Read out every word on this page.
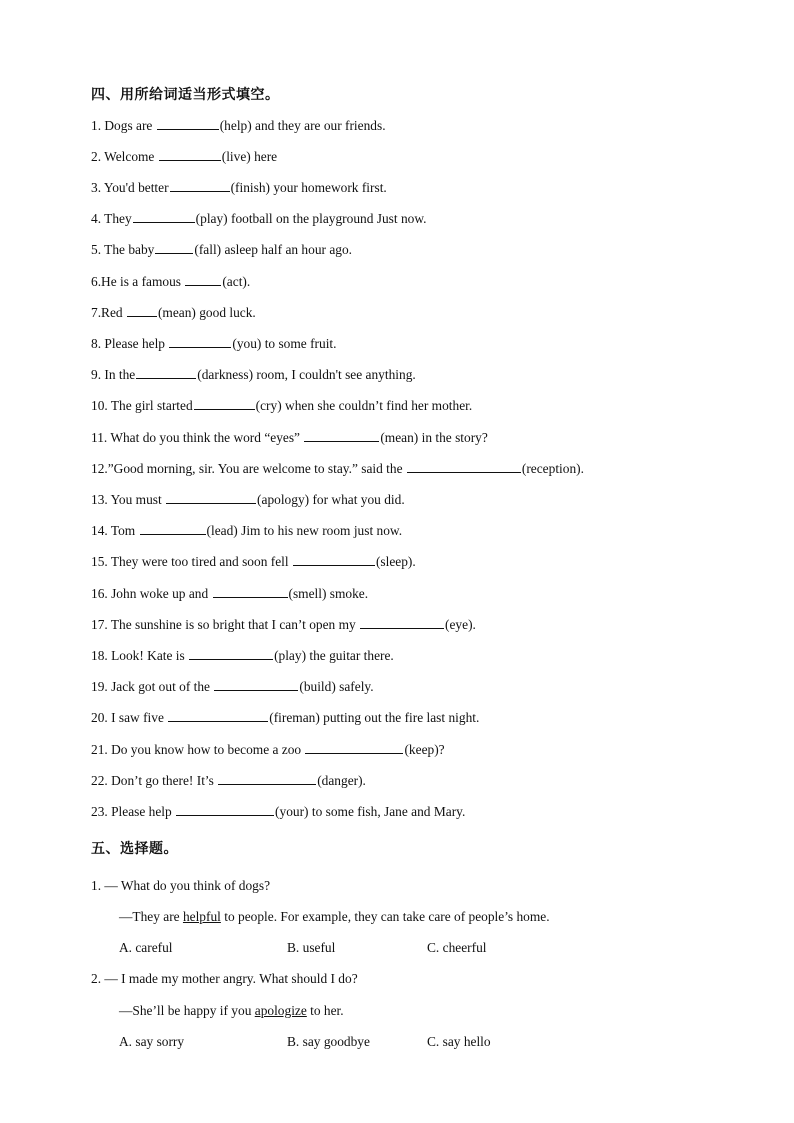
四、用所给词适当形式填空。
1. Dogs are	(help) and they are our friends.
2. Welcome	(live) here
3. You'd better	(finish) your homework first.
4. They	(play) football on the playground Just now.
5. The baby	(fall) asleep half an hour ago.
6.He is a famous	(act).
7.Red (mean) good luck.
8. Please help	(you) to some fruit.
9. In the	(darkness) room, I couldn't see anything.
10. The girl started	(cry) when she couldn’t find her mother.
11. What do you think the word “eyes”	(mean) in the story?
12.”Good morning, sir. You are welcome to stay.” said the	(reception).
13. You must	(apology) for what you did.
14. Tom	(lead) Jim to his new room just now.
15. They were too tired and soon fell	(sleep).
16. John woke up and	(smell) smoke.
17. The sunshine is so bright that I can’t open my	(eye).
18. Look! Kate is	(play) the guitar there.
19. Jack got out of the	(build) safely.
20. I saw five	(fireman) putting out the fire last night.
21. Do you know how to become a zoo	(keep)?
22. Don’t go there! It’s	(danger).
23. Please help	(your) to some fish, Jane and Mary.
五、选择题。
1. — What do you think of dogs?
—They are helpful to people. For example, they can take care of people’s home.
A. careful	B. useful	C. cheerful
2. — I made my mother angry. What should I do?
—She’ll be happy if you apologize to her.
A. say sorry	B. say goodbye	C. say hello
